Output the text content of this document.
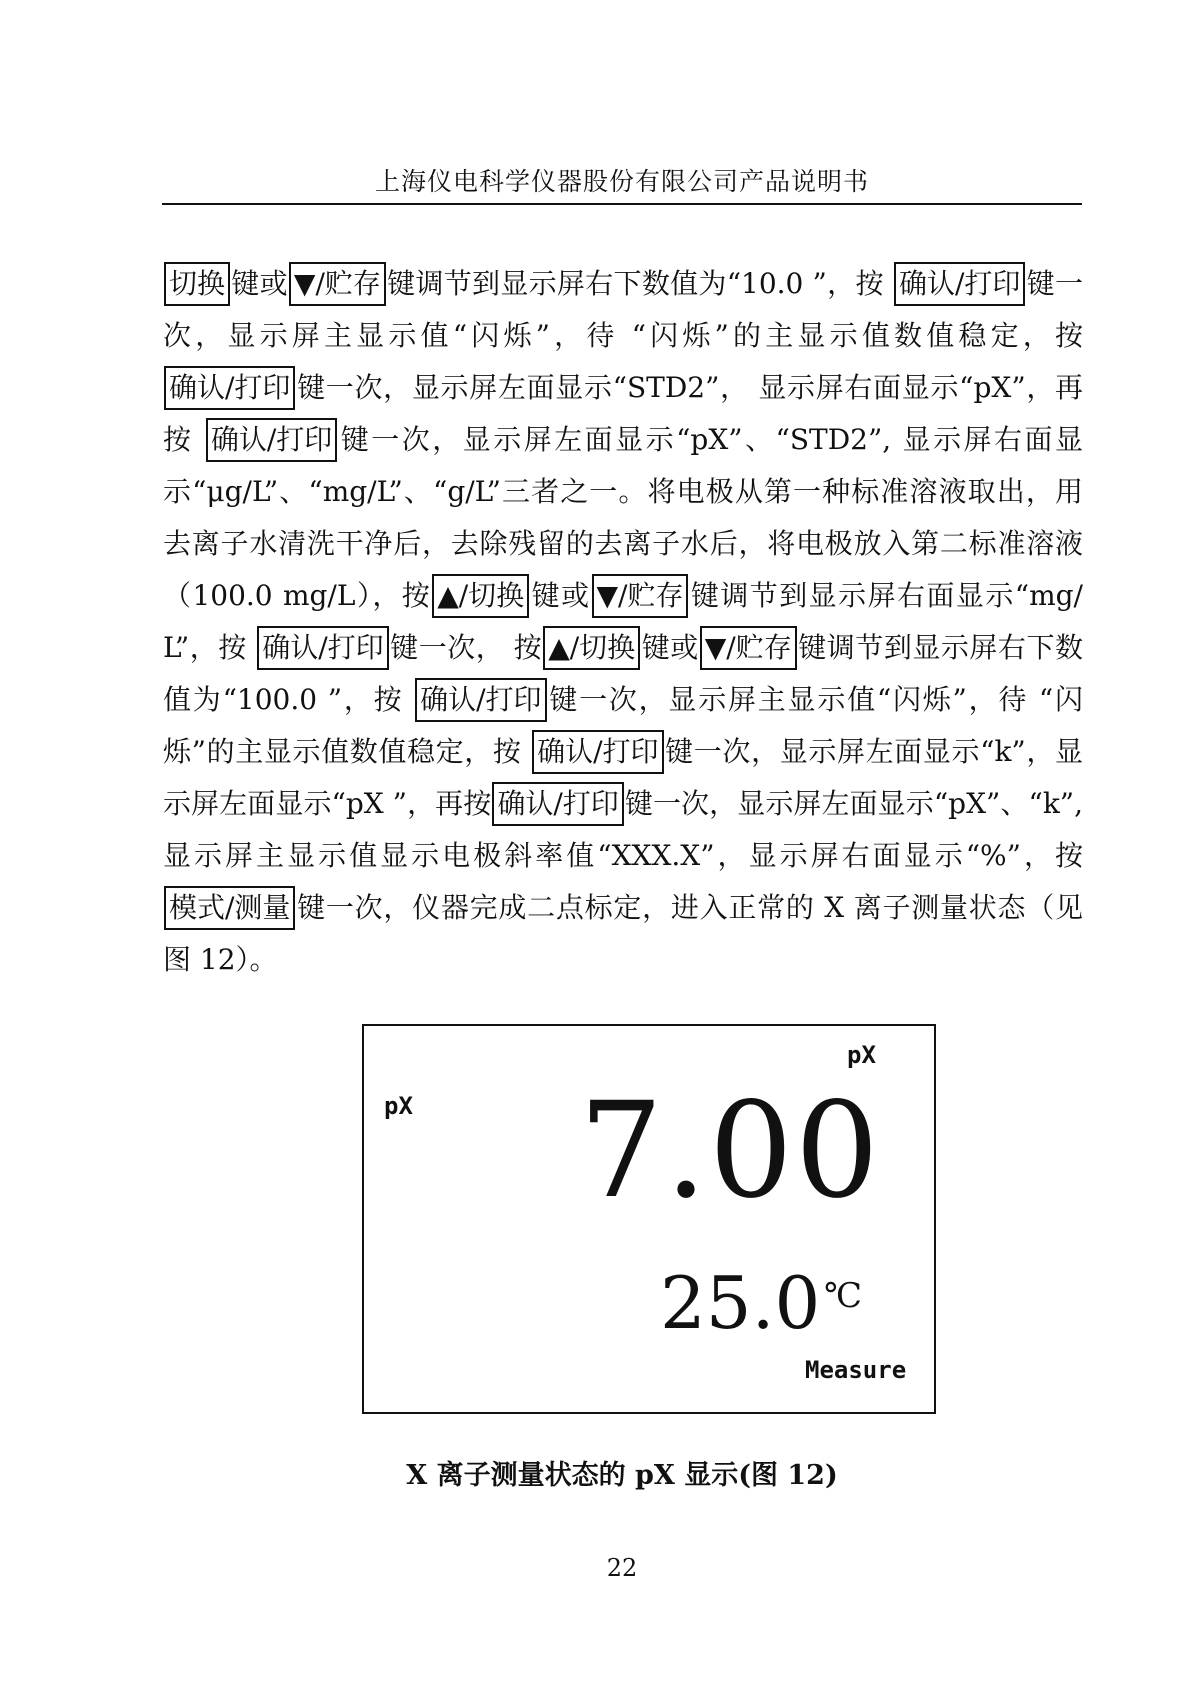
上海仪电科学仪器股份有限公司产品说明书
切换 键或 ▼/贮存 键调节到显示屏右下数值为“10.0 ”，按 确认/打印 键一次，显示屏主显示值“闪烁”，待 “闪烁”的主显示值数值稳定，按 确认/打印 键一次，显示屏左面显示“STD2”， 显示屏右面显示“pX”，再按 确认/打印 键一次，显示屏左面显示“pX”、“STD2”, 显示屏右面显示“μg/L”、“mg/L”、“g/L”三者之一。将电极从第一种标准溶液取出，用去离子水清洗干净后，去除残留的去离子水后，将电极放入第二标准溶液（100.0 mg/L），按 ▲/切换 键或 ▼/贮存 键调节到显示屏右面显示“mg/L”，按 确认/打印 键一次， 按 ▲/切换 键或 ▼/贮存 键调节到显示屏右下数值为“100.0 ”，按 确认/打印 键一次，显示屏主显示值“闪烁”，待 “闪烁”的主显示值数值稳定，按 确认/打印 键一次，显示屏左面显示“k”，显示屏左面显示“pX ”，再按 确认/打印 键一次，显示屏左面显示“pX”、“k”,显示屏主显示值显示电极斜率值“XXX.X”，显示屏右面显示“%”，按模式/测量 键一次，仪器完成二点标定，进入正常的 X 离子测量状态（见图 12）。
pX
pX 7.00
25.0 ℃
Measure
X 离子测量状态的 pX 显示(图 12)
22
